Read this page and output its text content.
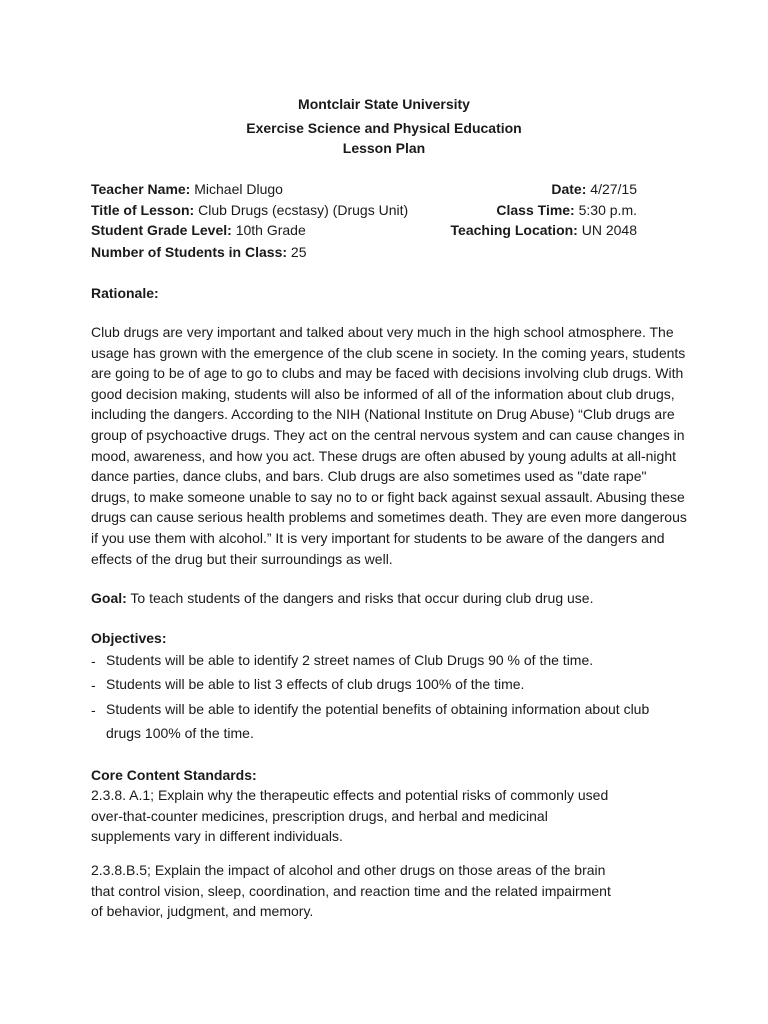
Montclair State University
Exercise Science and Physical Education
Lesson Plan
Teacher Name: Michael Dlugo	Date: 4/27/15
Title of Lesson: Club Drugs (ecstasy) (Drugs Unit)	Class Time: 5:30 p.m.
Student Grade Level: 10th Grade	Teaching Location: UN 2048
Number of Students in Class: 25
Rationale:
Club drugs are very important and talked about very much in the high school atmosphere. The
usage has grown with the emergence of the club scene in society. In the coming years, students
are going to be of age to go to clubs and may be faced with decisions involving club drugs. With
good decision making, students will also be informed of all of the information about club drugs,
including the dangers. According to the NIH (National Institute on Drug Abuse) “Club drugs are
group of psychoactive drugs. They act on the central nervous system and can cause changes in
mood, awareness, and how you act. These drugs are often abused by young adults at all-night
dance parties, dance clubs, and bars. Club drugs are also sometimes used as "date rape"
drugs, to make someone unable to say no to or fight back against sexual assault. Abusing these
drugs can cause serious health problems and sometimes death. They are even more dangerous
if you use them with alcohol.” It is very important for students to be aware of the dangers and
effects of the drug but their surroundings as well.
Goal: To teach students of the dangers and risks that occur during club drug use.
Objectives:
- Students will be able to identify 2 street names of Club Drugs 90 % of the time.
- Students will be able to list 3 effects of club drugs 100% of the time.
- Students will be able to identify the potential benefits of obtaining information about club
drugs 100% of the time.
Core Content Standards:
2.3.8. A.1; Explain why the therapeutic effects and potential risks of commonly used
over-that-counter medicines, prescription drugs, and herbal and medicinal
supplements vary in different individuals.
2.3.8.B.5; Explain the impact of alcohol and other drugs on those areas of the brain
that control vision, sleep, coordination, and reaction time and the related impairment
of behavior, judgment, and memory.
